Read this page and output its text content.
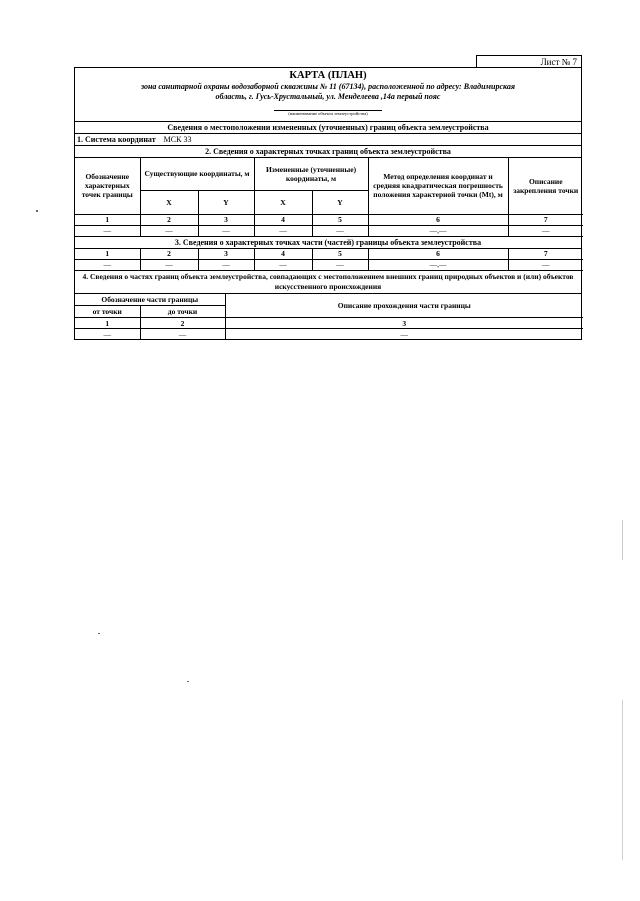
Лист № 7
КАРТА (ПЛАН)
зона санитарной охраны водозаборной скважины № 11 (67134), расположенной по адресу: Владимирская
область, г. Гусь-Хрустальный, ул. Менделеева ,14а первый пояс
(наименование объекта землеустройства)
Сведения о местоположении измененных (уточненных) границ объекта землеустройства
1. Система координат МСК 33
2. Сведения о характерных точках границ объекта землеустройства
Обозначение характерных точек границы	Существующие координаты, м		Измененные (уточненные) координаты, м		Метод определения координат и средняя квадратическая погрешность положения характерной точки (Mt), м	Описание закрепления точки
	X	Y	X	Y		
1	2	3	4	5	6	7
—	—	—	—	—	—,—	—
3. Сведения о характерных точках части (частей) границы объекта землеустройства
1	2	3	4	5	6	7
—	—	—	—	—	—,—	—
4. Сведения о частях границ объекта землеустройства, совпадающих с местоположением внешних границ природных объектов и (или) объектов искусственного происхождения
Обозначение части границы		Описание прохождения части границы
от точки	до точки	
1	2	3
—	—	—
